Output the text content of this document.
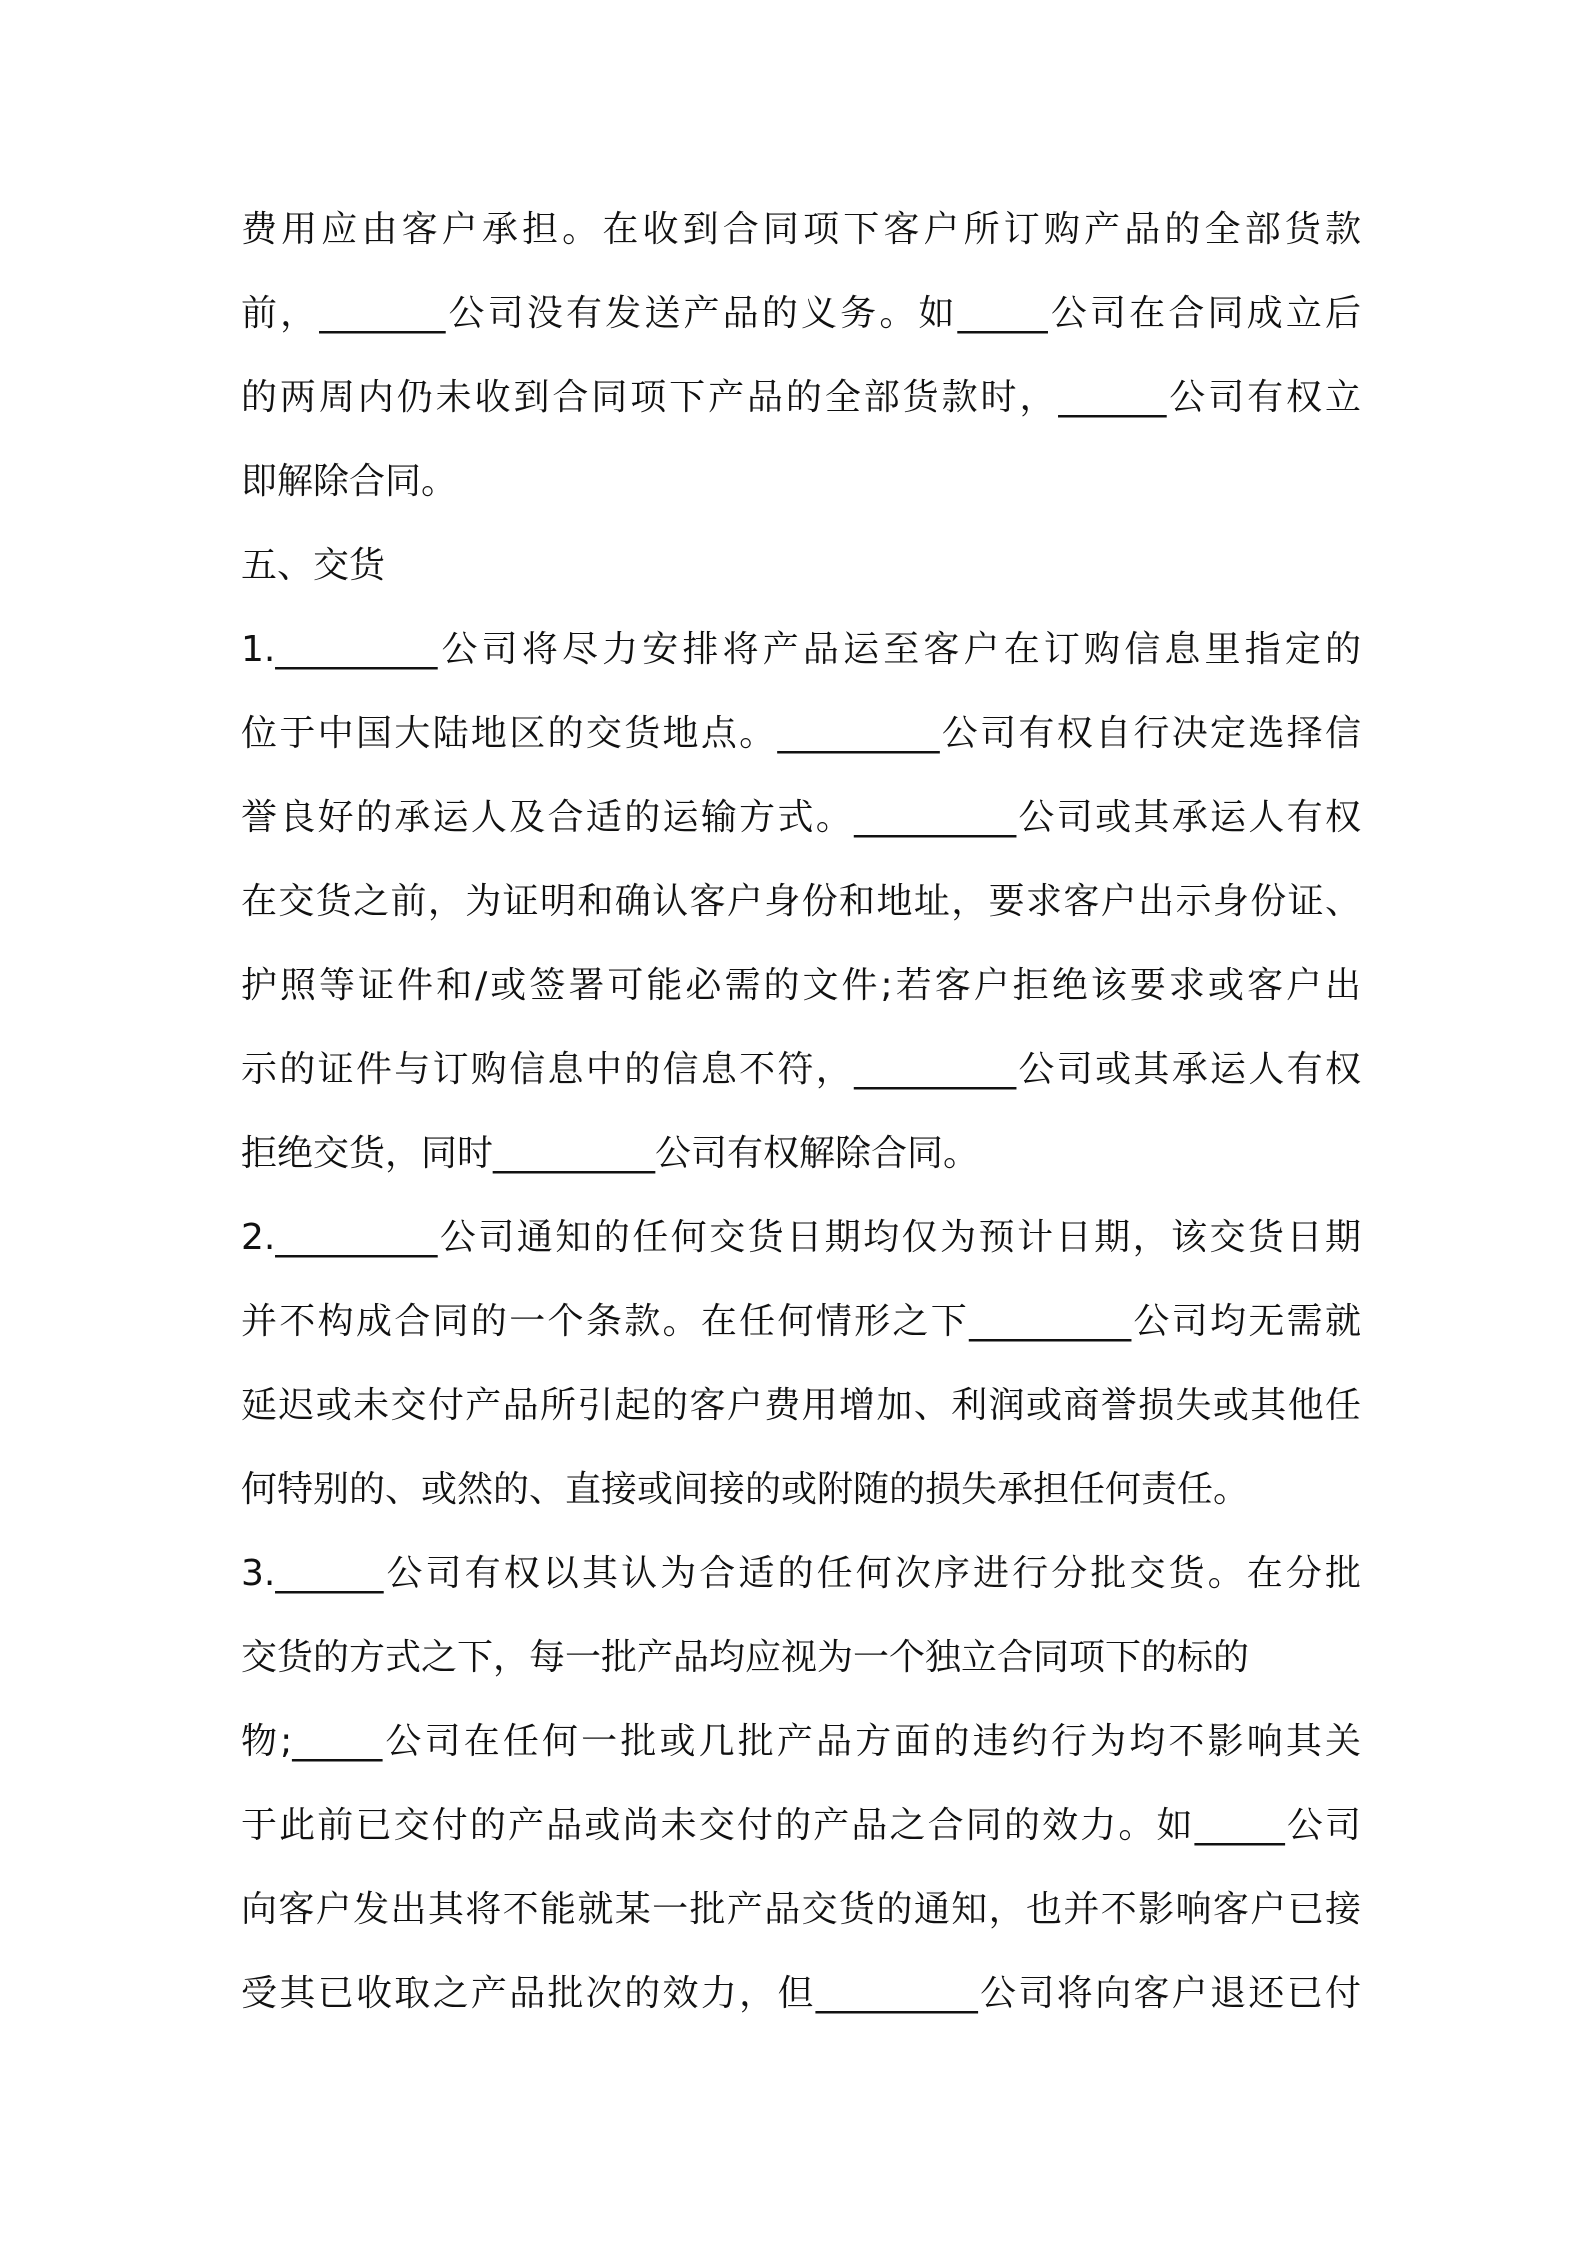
费用应由客户承担。在收到合同项下客户所订购产品的全部货款
前，_______公司没有发送产品的义务。如_____公司在合同成立后
的两周内仍未收到合同项下产品的全部货款时，______公司有权立
即解除合同。
五、交货
1._________公司将尽力安排将产品运至客户在订购信息里指定的
位于中国大陆地区的交货地点。_________公司有权自行决定选择信
誉良好的承运人及合适的运输方式。_________公司或其承运人有权
在交货之前，为证明和确认客户身份和地址，要求客户出示身份证、
护照等证件和/或签署可能必需的文件;若客户拒绝该要求或客户出
示的证件与订购信息中的信息不符，_________公司或其承运人有权
拒绝交货，同时_________公司有权解除合同。
2._________公司通知的任何交货日期均仅为预计日期，该交货日期
并不构成合同的一个条款。在任何情形之下_________公司均无需就
延迟或未交付产品所引起的客户费用增加、利润或商誉损失或其他任
何特别的、或然的、直接或间接的或附随的损失承担任何责任。
3.______公司有权以其认为合适的任何次序进行分批交货。在分批
交货的方式之下，每一批产品均应视为一个独立合同项下的标的
物;_____公司在任何一批或几批产品方面的违约行为均不影响其关
于此前已交付的产品或尚未交付的产品之合同的效力。如_____公司
向客户发出其将不能就某一批产品交货的通知，也并不影响客户已接
受其已收取之产品批次的效力，但_________公司将向客户退还已付
